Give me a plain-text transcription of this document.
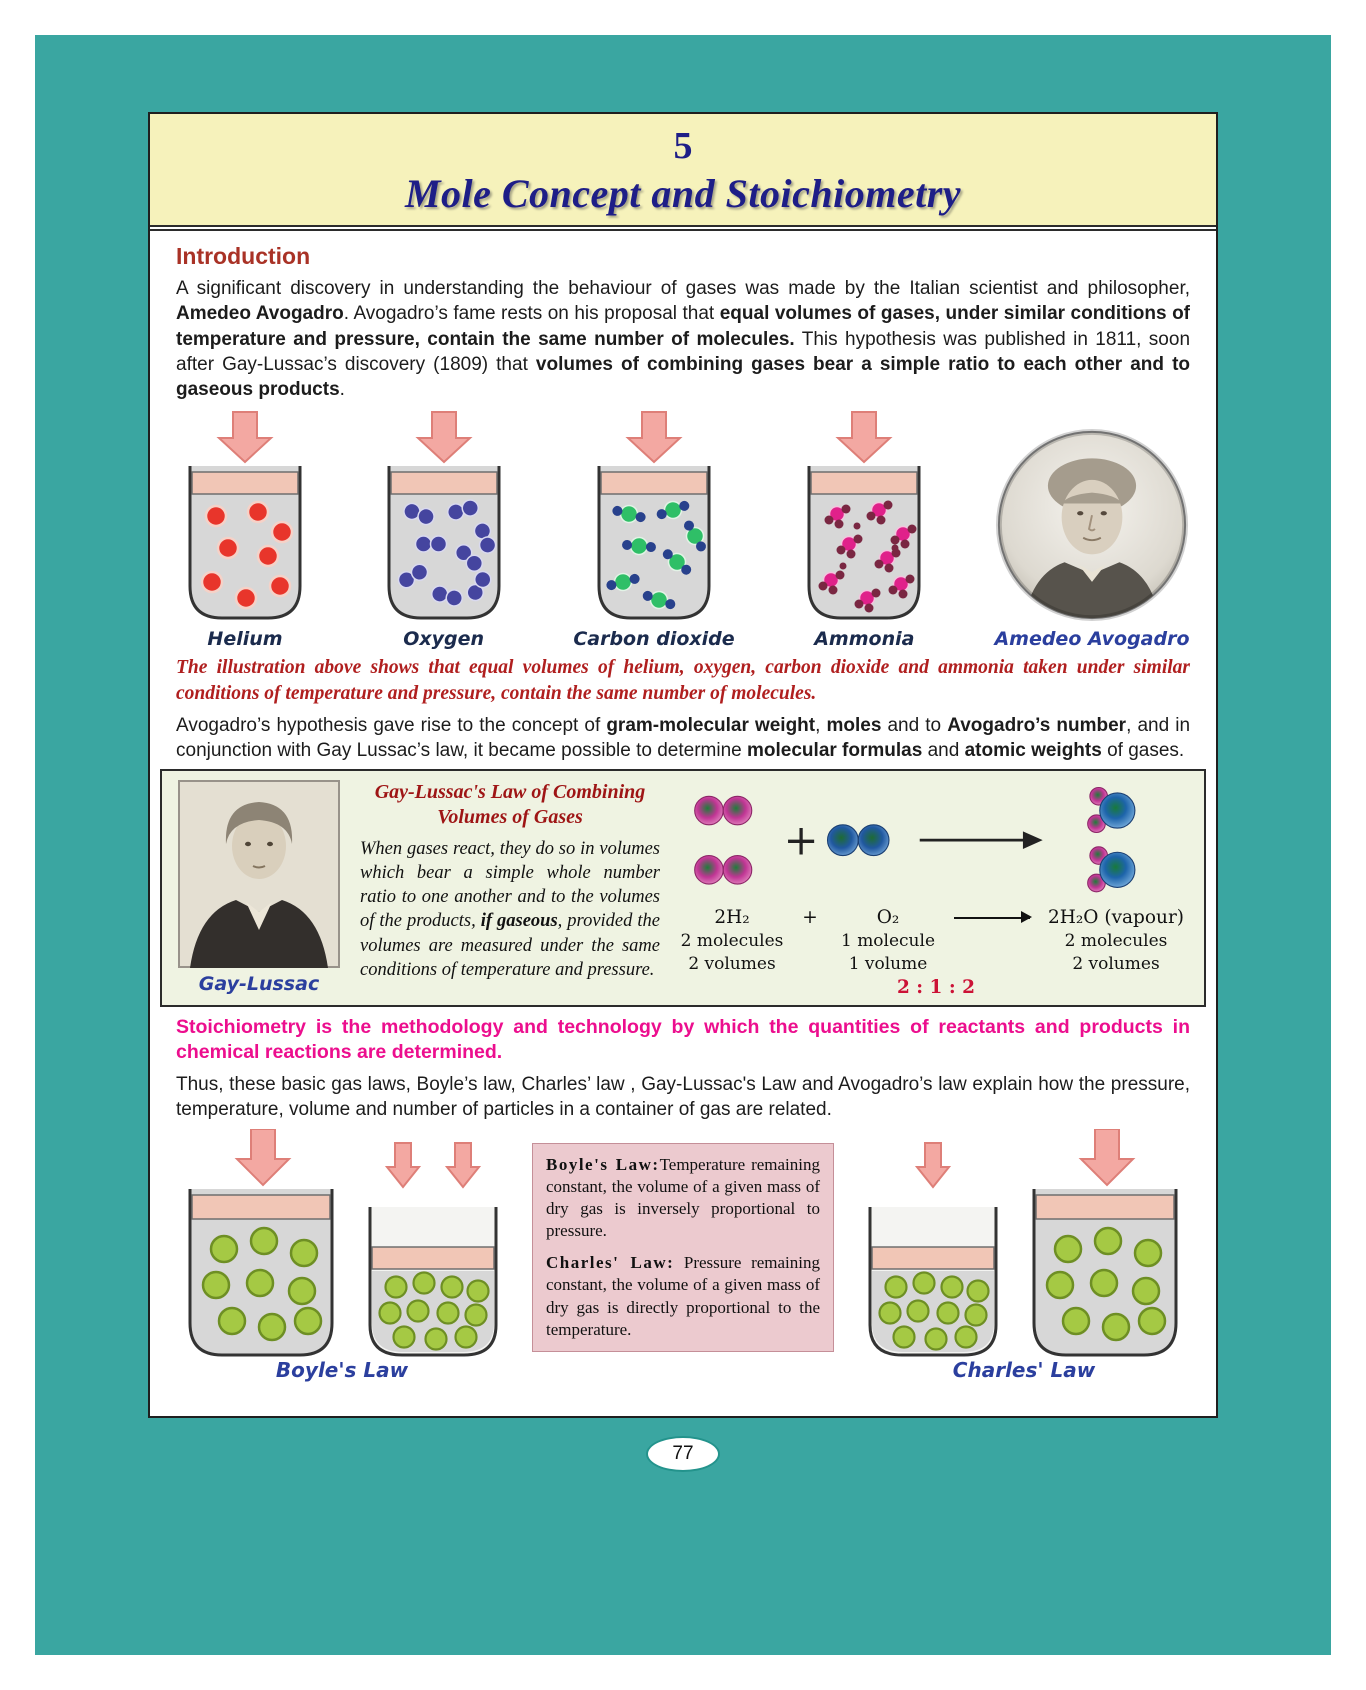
5
Mole Concept and Stoichiometry
Introduction

A significant discovery in understanding the behaviour of gases was made by the Italian scientist and philosopher, Amedeo Avogadro. Avogadro’s fame rests on his proposal that equal volumes of gases, under similar conditions of temperature and pressure, contain the same number of molecules. This hypothesis was published in 1811, soon after Gay-Lussac’s discovery (1809) that volumes of combining gases bear a simple ratio to each other and to gaseous products.

Helium	Oxygen	Carbon dioxide	Ammonia	Amedeo Avogadro

The illustration above shows that equal volumes of helium, oxygen, carbon dioxide and ammonia taken under similar conditions of temperature and pressure, contain the same number of molecules.

Avogadro’s hypothesis gave rise to the concept of gram-molecular weight, moles and to Avogadro’s number, and in conjunction with Gay Lussac’s law, it became possible to determine molecular formulas and atomic weights of gases.

Gay-Lussac
Gay-Lussac's Law of Combining
Volumes of Gases

When gases react, they do so in volumes which bear a simple whole number ratio to one another and to the volumes of the products, if gaseous, provided the volumes are measured under the same conditions of temperature and pressure.

+
2H₂	+	O₂	2H₂O (vapour)
2 molecules	1 molecule	2 molecules
2 volumes	1 volume	2 volumes
2 : 1 : 2

Stoichiometry is the methodology and technology by which the quantities of reactants and products in chemical reactions are determined.

Thus, these basic gas laws, Boyle’s law, Charles’ law , Gay-Lussac's Law and Avogadro’s law explain how the pressure, temperature, volume and number of particles in a container of gas are related.

Boyle's Law

Boyle's Law:Temperature remaining constant, the volume of a given mass of dry gas is inversely proportional to pressure.

Charles' Law: Pressure remaining constant, the volume of a given mass of dry gas is directly proportional to the temperature.

Charles' Law
77
